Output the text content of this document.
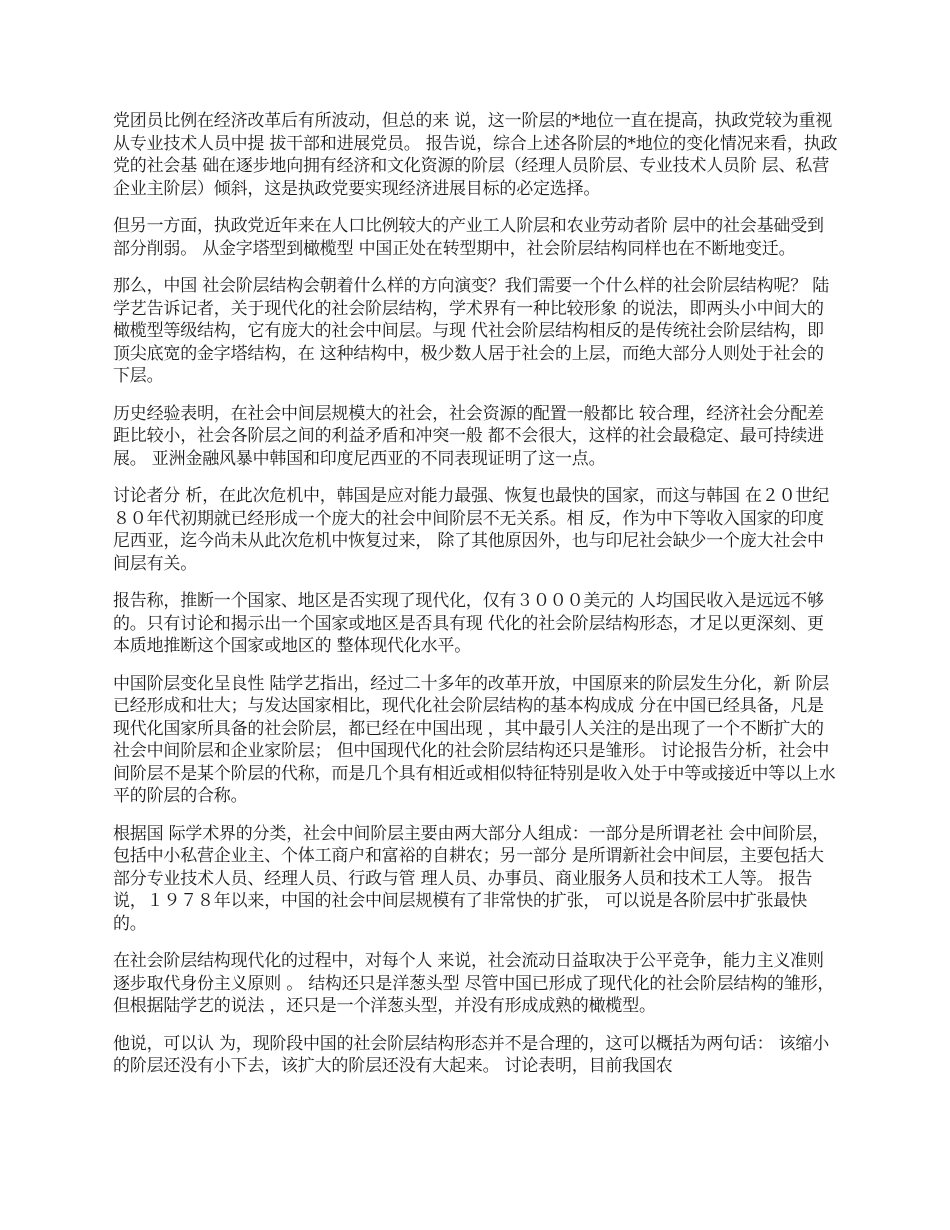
党团员比例在经济改革后有所波动，但总的来 说，这一阶层的*地位一直在提高，执政党较为重视从专业技术人员中提 拔干部和进展党员。 报告说，综合上述各阶层的*地位的变化情况来看，执政党的社会基 础在逐步地向拥有经济和文化资源的阶层（经理人员阶层、专业技术人员阶 层、私营企业主阶层）倾斜，这是执政党要实现经济进展目标的必定选择。

但另一方面，执政党近年来在人口比例较大的产业工人阶层和农业劳动者阶 层中的社会基础受到部分削弱。 从金字塔型到橄榄型 中国正处在转型期中，社会阶层结构同样也在不断地变迁。

那么，中国 社会阶层结构会朝着什么样的方向演变？我们需要一个什么样的社会阶层结构呢？ 陆学艺告诉记者，关于现代化的社会阶层结构，学术界有一种比较形象 的说法，即两头小中间大的橄榄型等级结构，它有庞大的社会中间层。与现 代社会阶层结构相反的是传统社会阶层结构，即顶尖底宽的金字塔结构，在 这种结构中，极少数人居于社会的上层，而绝大部分人则处于社会的下层。

历史经验表明，在社会中间层规模大的社会，社会资源的配置一般都比 较合理，经济社会分配差距比较小，社会各阶层之间的利益矛盾和冲突一般 都不会很大，这样的社会最稳定、最可持续进展。 亚洲金融风暴中韩国和印度尼西亚的不同表现证明了这一点。

讨论者分 析，在此次危机中，韩国是应对能力最强、恢复也最快的国家，而这与韩国 在２０世纪８０年代初期就已经形成一个庞大的社会中间阶层不无关系。相 反，作为中下等收入国家的印度尼西亚，迄今尚未从此次危机中恢复过来， 除了其他原因外，也与印尼社会缺少一个庞大社会中间层有关。

报告称，推断一个国家、地区是否实现了现代化，仅有３０００美元的 人均国民收入是远远不够的。只有讨论和揭示出一个国家或地区是否具有现 代化的社会阶层结构形态，才足以更深刻、更本质地推断这个国家或地区的 整体现代化水平。

中国阶层变化呈良性 陆学艺指出，经过二十多年的改革开放，中国原来的阶层发生分化，新 阶层已经形成和壮大；与发达国家相比，现代化社会阶层结构的基本构成成 分在中国已经具备，凡是现代化国家所具备的社会阶层，都已经在中国出现 ，其中最引人关注的是出现了一个不断扩大的社会中间阶层和企业家阶层； 但中国现代化的社会阶层结构还只是雏形。 讨论报告分析，社会中间阶层不是某个阶层的代称，而是几个具有相近或相似特征特别是收入处于中等或接近中等以上水平的阶层的合称。

根据国 际学术界的分类，社会中间阶层主要由两大部分人组成：一部分是所谓老社 会中间阶层，包括中小私营企业主、个体工商户和富裕的自耕农；另一部分 是所谓新社会中间层，主要包括大部分专业技术人员、经理人员、行政与管 理人员、办事员、商业服务人员和技术工人等。 报告说，１９７８年以来，中国的社会中间层规模有了非常快的扩张， 可以说是各阶层中扩张最快的。

在社会阶层结构现代化的过程中，对每个人 来说，社会流动日益取决于公平竞争，能力主义准则逐步取代身份主义原则 。 结构还只是洋葱头型 尽管中国已形成了现代化的社会阶层结构的雏形，但根据陆学艺的说法 ，还只是一个洋葱头型，并没有形成成熟的橄榄型。

他说，可以认 为，现阶段中国的社会阶层结构形态并不是合理的，这可以概括为两句话： 该缩小的阶层还没有小下去，该扩大的阶层还没有大起来。 讨论表明，目前我国农
